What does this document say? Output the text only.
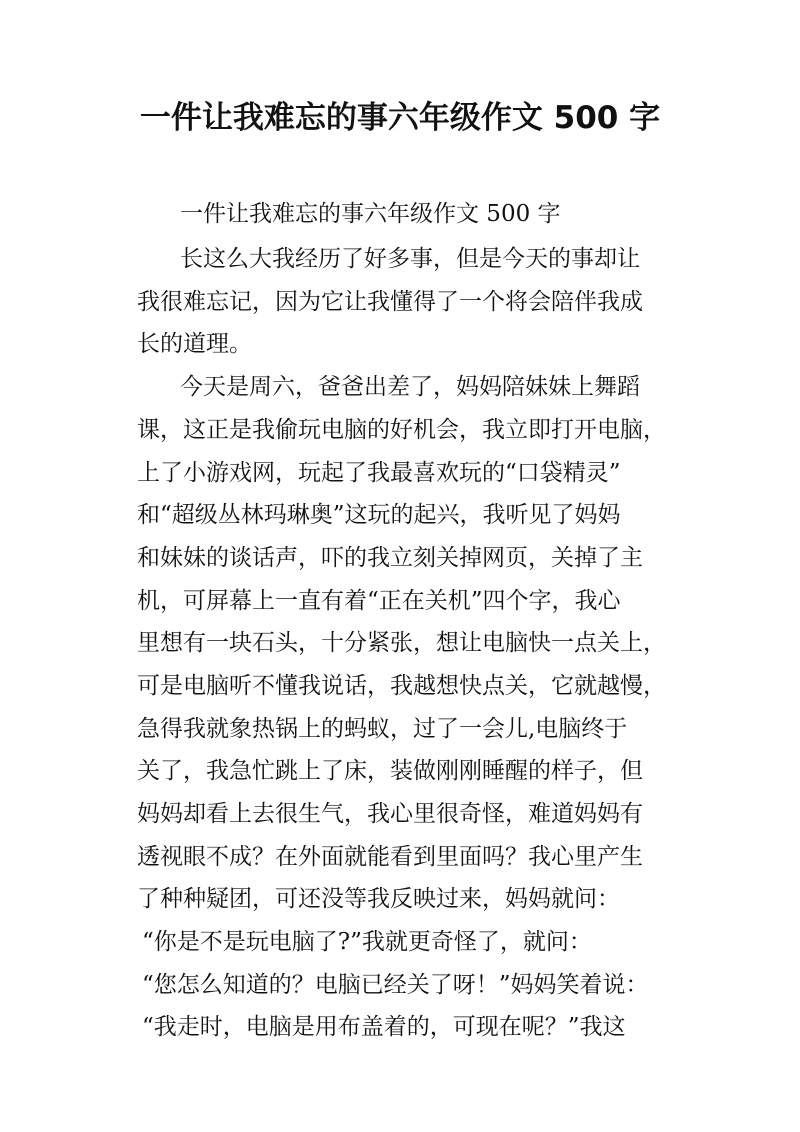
一件让我难忘的事六年级作文 500 字

一件让我难忘的事六年级作文 500 字

长这么大我经历了好多事，但是今天的事却让

我很难忘记，因为它让我懂得了一个将会陪伴我成

长的道理。

今天是周六，爸爸出差了，妈妈陪妹妹上舞蹈

课，这正是我偷玩电脑的好机会，我立即打开电脑，

上了小游戏网，玩起了我最喜欢玩的“口袋精灵”

和“超级丛林玛琳奥”这玩的起兴，我听见了妈妈

和妹妹的谈话声，吓的我立刻关掉网页，关掉了主

机，可屏幕上一直有着“正在关机”四个字，我心

里想有一块石头，十分紧张，想让电脑快一点关上，

可是电脑听不懂我说话，我越想快点关，它就越慢，

急得我就象热锅上的蚂蚁，过了一会儿,电脑终于

关了，我急忙跳上了床，装做刚刚睡醒的样子，但

妈妈却看上去很生气，我心里很奇怪，难道妈妈有

透视眼不成？在外面就能看到里面吗？我心里产生

了种种疑团，可还没等我反映过来，妈妈就问：

“你是不是玩电脑了?”我就更奇怪了，就问：

“您怎么知道的？电脑已经关了呀！”妈妈笑着说：

“我走时，电脑是用布盖着的，可现在呢？”我这
